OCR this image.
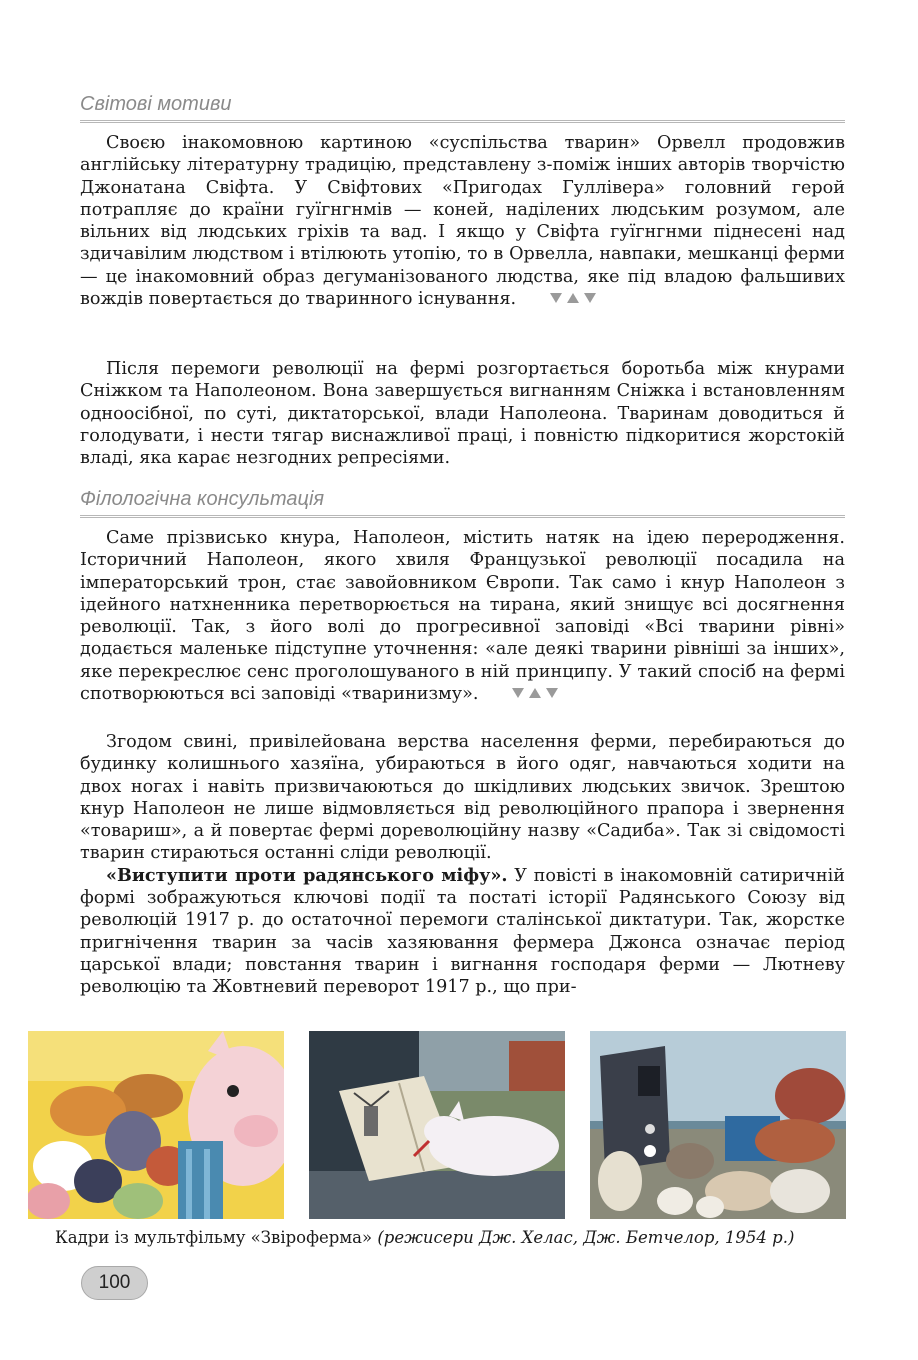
Світові мотиви

Своєю інакомовною картиною «суспільства тварин» Орвелл продовжив англійську літературну традицію, представлену з-поміж інших авторів творчістю Джонатана Свіфта. У Свіфтових «Пригодах Гуллівера» головний герой потрапляє до країни гуїгнгнмів — коней, наділених людським розумом, але вільних від людських гріхів та вад. І якщо у Свіфта гуїгнгнми піднесені над здичавілим людством і втілюють утопію, то в Орвелла, навпаки, мешканці ферми — це інакомовний образ дегуманізованого людства, яке під владою фальшивих вождів повертається до тваринного існування.

Після перемоги революції на фермі розгортається боротьба між кнурами Сніжком та Наполеоном. Вона завершується вигнанням Сніжка і встановленням одноосібної, по суті, диктаторської, влади Наполеона. Тваринам доводиться й голодувати, і нести тягар виснажливої праці, і повністю підкоритися жорстокій владі, яка карає незгодних репресіями.

Філологічна консультація

Саме прізвисько кнура, Наполеон, містить натяк на ідею переродження. Історичний Наполеон, якого хвиля Французької революції посадила на імператорський трон, стає завойовником Європи. Так само і кнур Наполеон з ідейного натхненника перетворюється на тирана, який знищує всі досягнення революції. Так, з його волі до прогресивної заповіді «Всі тварини рівні» додається маленьке підступне уточнення: «але деякі тварини рівніші за інших», яке перекреслює сенс проголошуваного в ній принципу. У такий спосіб на фермі спотворюються всі заповіді «тваринизму».

Згодом свині, привілейована верства населення ферми, перебираються до будинку колишнього хазяїна, убираються в його одяг, навчаються ходити на двох ногах і навіть призвичаюються до шкідливих людських звичок. Зрештою кнур Наполеон не лише відмовляється від революційного прапора і звернення «товариш», а й повертає фермі дореволюційну назву «Садиба». Так зі свідомості тварин стираються останні сліди революції.

«Виступити проти радянського міфу». У повісті в інакомовній сатиричній формі зображуються ключові події та постаті історії Радянського Союзу від революцій 1917 р. до остаточної перемоги сталінської диктатури. Так, жорстке пригнічення тварин за часів хазяювання фермера Джонса означає період царської влади; повстання тварин і вигнання господаря ферми — Лютневу революцію та Жовтневий переворот 1917 р., що при-

Кадри із мультфільму «Звіроферма» (режисери Дж. Хелас, Дж. Бетчелор, 1954 р.)
100
